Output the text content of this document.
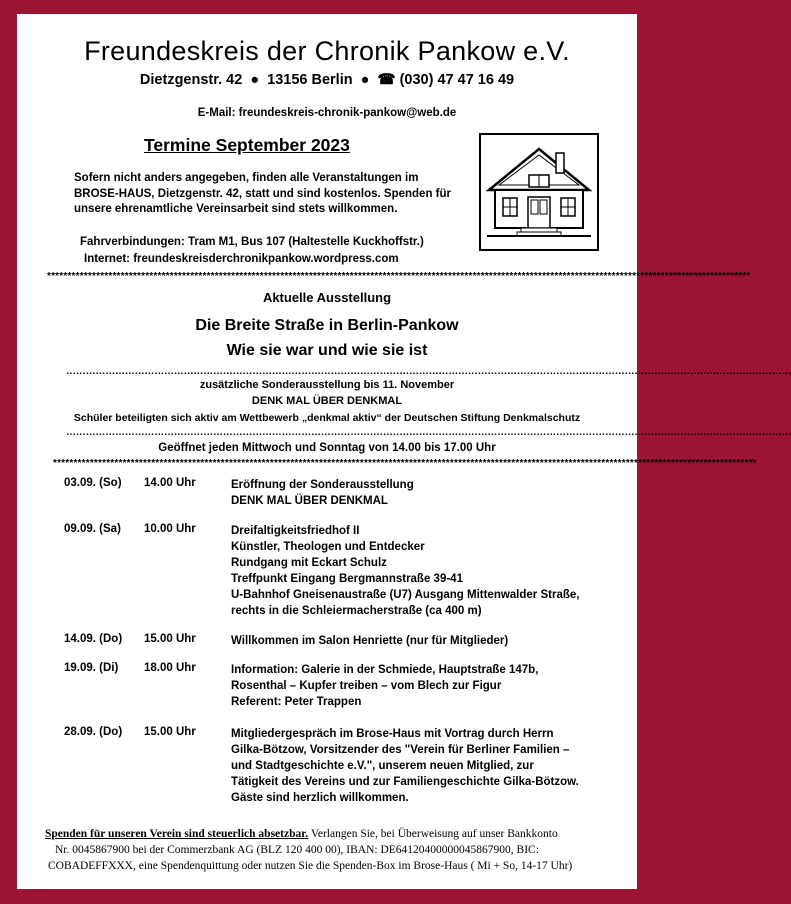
Freundeskreis der Chronik Pankow e.V.
Dietzgenstr. 42  ●  13156 Berlin  ●  ☎ (030) 47 47 16 49
E-Mail: freundeskreis-chronik-pankow@web.de
Termine September 2023
Sofern nicht anders angegeben, finden alle Veranstaltungen im BROSE-HAUS, Dietzgenstr. 42, statt und sind kostenlos. Spenden für unsere ehrenamtliche Vereinsarbeit sind stets willkommen.
Fahrverbindungen: Tram M1, Bus 107 (Haltestelle Kuckhoffstr.)
Internet: freundeskreisderchronikpankow.wordpress.com
****************************************************************************************************************************************************************************
Aktuelle Ausstellung
Die Breite Straße in Berlin-Pankow
Wie sie war und wie sie ist
……………………………………………………………………………………………………………………………………………………………………………………………………
zusätzliche Sonderausstellung bis 11. November
DENK MAL ÜBER DENKMAL
Schüler beteiligten sich aktiv am Wettbewerb „denkmal aktiv“ der Deutschen Stiftung Denkmalschutz
……………………………………………………………………………………………………………………………………………………………………………………………………
Geöffnet jeden Mittwoch und Sonntag von 14.00 bis 17.00 Uhr
****************************************************************************************************************************************************************************
03.09. (So) 14.00 Uhr	Eröffnung der Sonderausstellung
DENK MAL ÜBER DENKMAL
09.09. (Sa) 10.00 Uhr	Dreifaltigkeitsfriedhof II
Künstler, Theologen und Entdecker
Rundgang mit Eckart Schulz
Treffpunkt Eingang Bergmannstraße 39-41
U-Bahnhof Gneisenaustraße (U7) Ausgang Mittenwalder Straße,
rechts in die Schleiermacherstraße (ca 400 m)
14.09. (Do) 15.00 Uhr	Willkommen im Salon Henriette (nur für Mitglieder)
19.09. (Di) 18.00 Uhr	Information: Galerie in der Schmiede, Hauptstraße 147b,
Rosenthal – Kupfer treiben – vom Blech zur Figur
Referent: Peter Trappen
28.09. (Do) 15.00 Uhr	Mitgliedergespräch im Brose-Haus mit Vortrag durch Herrn
Gilka-Bötzow, Vorsitzender des "Verein für Berliner Familien –
und Stadtgeschichte e.V.", unserem neuen Mitglied, zur
Tätigkeit des Vereins und zur Familiengeschichte Gilka-Bötzow.
Gäste sind herzlich willkommen.
Spenden für unseren Verein sind steuerlich absetzbar. Verlangen Sie, bei Überweisung auf unser Bankkonto
Nr. 0045867900 bei der Commerzbank AG (BLZ 120 400 00), IBAN: DE64120400000045867900, BIC:
COBADEFFXXX, eine Spendenquittung oder nutzen Sie die Spenden-Box im Brose-Haus ( Mi + So, 14-17 Uhr)
